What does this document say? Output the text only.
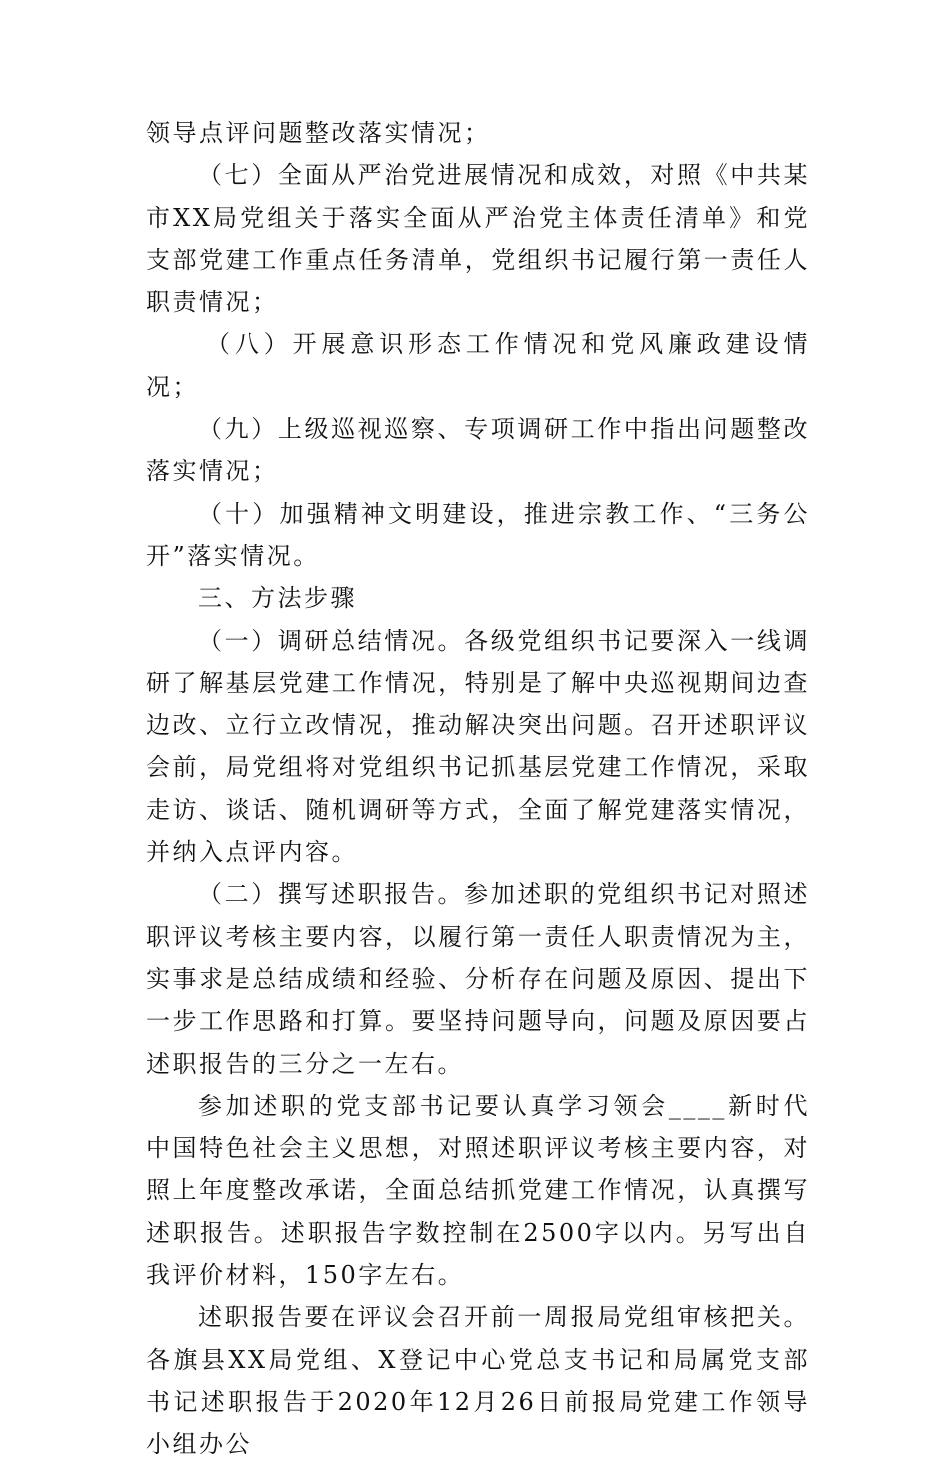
领导点评问题整改落实情况；

（七）全面从严治党进展情况和成效，对照《中共某市XX局党组关于落实全面从严治党主体责任清单》和党支部党建工作重点任务清单，党组织书记履行第一责任人职责情况；

（八）开展意识形态工作情况和党风廉政建设情况；

（九）上级巡视巡察、专项调研工作中指出问题整改落实情况；

（十）加强精神文明建设，推进宗教工作、“三务公开”落实情况。

三、方法步骤

（一）调研总结情况。各级党组织书记要深入一线调研了解基层党建工作情况，特别是了解中央巡视期间边查边改、立行立改情况，推动解决突出问题。召开述职评议会前，局党组将对党组织书记抓基层党建工作情况，采取走访、谈话、随机调研等方式，全面了解党建落实情况，并纳入点评内容。

（二）撰写述职报告。参加述职的党组织书记对照述职评议考核主要内容，以履行第一责任人职责情况为主，实事求是总结成绩和经验、分析存在问题及原因、提出下一步工作思路和打算。要坚持问题导向，问题及原因要占述职报告的三分之一左右。

参加述职的党支部书记要认真学习领会____新时代中国特色社会主义思想，对照述职评议考核主要内容，对照上年度整改承诺，全面总结抓党建工作情况，认真撰写述职报告。述职报告字数控制在2500字以内。另写出自我评价材料，150字左右。

述职报告要在评议会召开前一周报局党组审核把关。各旗县XX局党组、X登记中心党总支书记和局属党支部书记述职报告于2020年12月26日前报局党建工作领导小组办公
